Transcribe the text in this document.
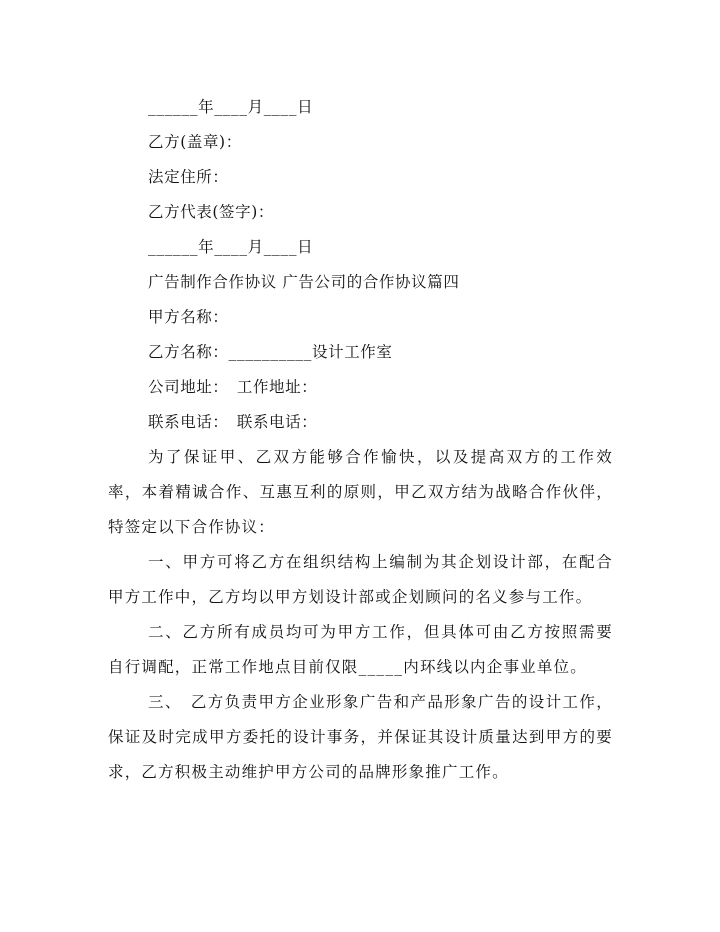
______年____月____日
乙方(盖章)：
法定住所：
乙方代表(签字)：
______年____月____日
广告制作合作协议 广告公司的合作协议篇四
甲方名称：
乙方名称：__________设计工作室
公司地址：　工作地址：
联系电话：　联系电话：

为了保证甲、乙双方能够合作愉快，以及提高双方的工作效率，本着精诚合作、互惠互利的原则，甲乙双方结为战略合作伙伴，特签定以下合作协议：

一、甲方可将乙方在组织结构上编制为其企划设计部，在配合甲方工作中，乙方均以甲方划设计部或企划顾问的名义参与工作。

二、乙方所有成员均可为甲方工作，但具体可由乙方按照需要自行调配，正常工作地点目前仅限_____内环线以内企事业单位。

三、　乙方负责甲方企业形象广告和产品形象广告的设计工作，保证及时完成甲方委托的设计事务，并保证其设计质量达到甲方的要求，乙方积极主动维护甲方公司的品牌形象推广工作。
